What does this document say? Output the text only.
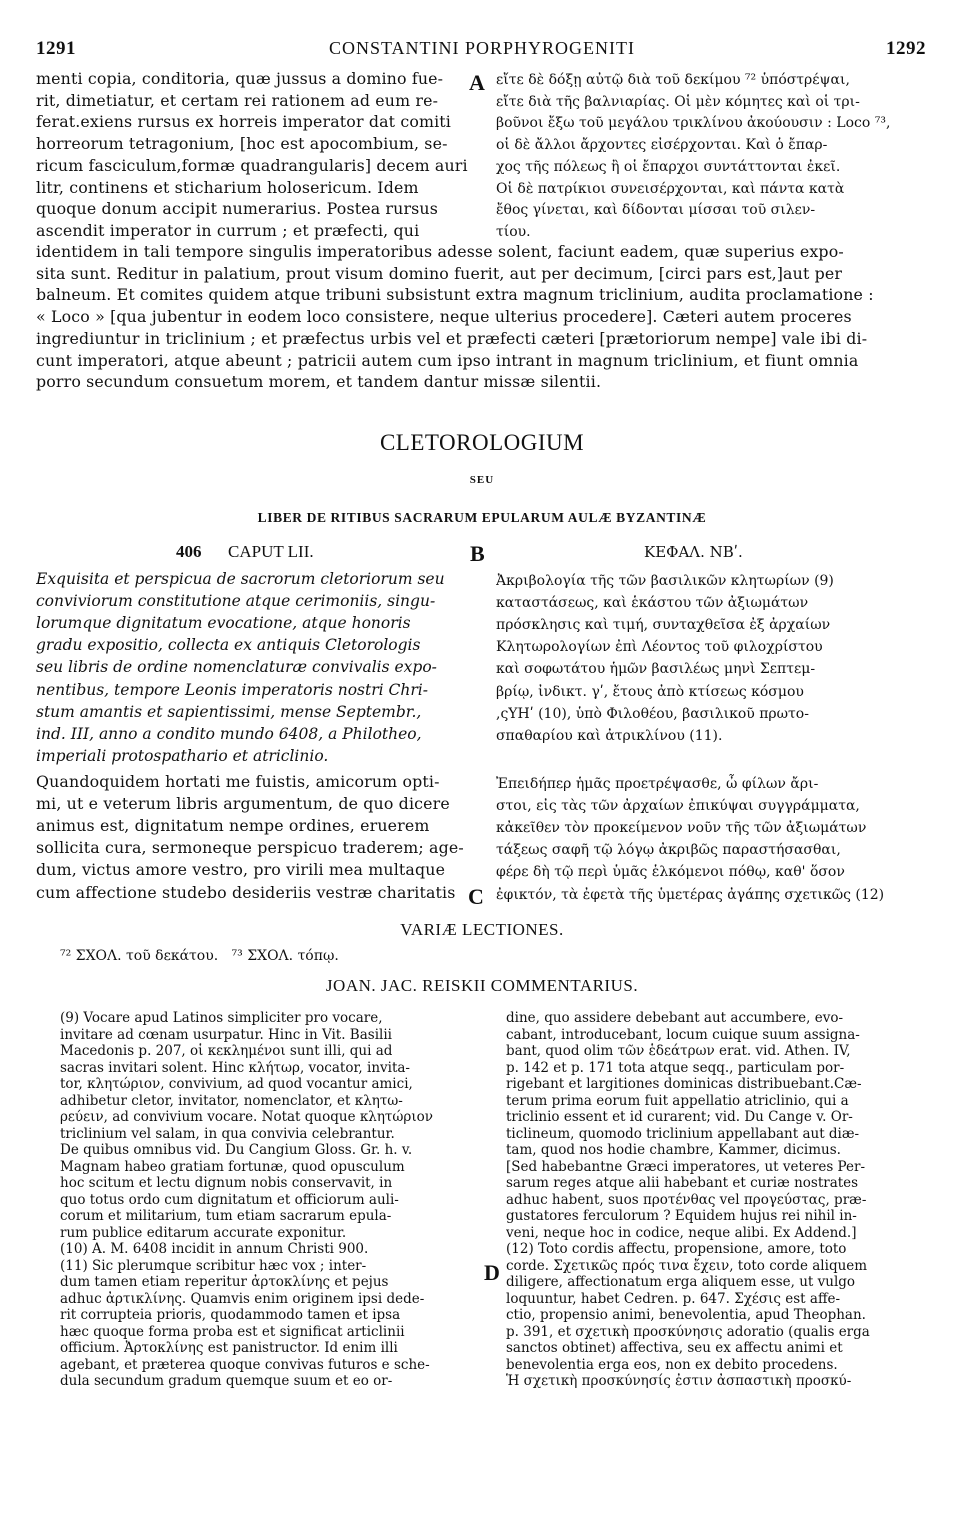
1291	CONSTANTINI PORPHYROGENITI	1292
menti copia, conditoria, quæ jussus a domino fue-
rit, dimetiatur, et certam rei rationem ad eum re-
ferat.exiens rursus ex horreis imperator dat comiti
horreorum tetragonium, [hoc est apocombium, se-
ricum fasciculum,formæ quadrangularis] decem auri
litr, continens et sticharium holosericum. Idem
quoque donum accipit numerarius. Postea rursus
ascendit imperator in currum ; et præfecti, qui
εἴτε δὲ δόξῃ αὐτῷ διὰ τοῦ δεκίμου ⁷² ὑπόστρέψαι,
εἴτε διὰ τῆς βαλνιαρίας. Οἱ μὲν κόμητες καὶ οἱ τρι-
βοῦνοι ἔξω τοῦ μεγάλου τρικλίνου ἀκούουσιν : Loco ⁷³,
οἱ δὲ ἄλλοι ἄρχοντες εἰσέρχονται. Καὶ ὁ ἔπαρ-
χος τῆς πόλεως ἢ οἱ ἔπαρχοι συντάττονται ἐκεῖ.
Οἱ δὲ πατρίκιοι συνεισέρχονται, καὶ πάντα κατὰ
ἔθος γίνεται, καὶ δίδονται μίσσαι τοῦ σιλεν-
τίου.
A
identidem in tali tempore singulis imperatoribus adesse solent, faciunt eadem, quæ superius expo-
sita sunt. Reditur in palatium, prout visum domino fuerit, aut per decimum, [circi pars est,]aut per
balneum. Et comites quidem atque tribuni subsistunt extra magnum triclinium, audita proclamatione :
« Loco » [qua jubentur in eodem loco consistere, neque ulterius procedere]. Cæteri autem proceres
ingrediuntur in triclinium ; et præfectus urbis vel et præfecti cæteri [prætoriorum nempe] vale ibi di-
cunt imperatori, atque abeunt ; patricii autem cum ipso intrant in magnum triclinium, et fiunt omnia
porro secundum consuetum morem, et tandem dantur missæ silentii.
CLETOROLOGIUM
SEU
LIBER DE RITIBUS SACRARUM EPULARUM AULÆ BYZANTINÆ
406 CAPUT LII.	B	ΚΕΦΑΛ. ΝΒʹ.
Exquisita et perspicua de sacrorum cletoriorum seu
conviviorum constitutione atque cerimoniis, singu-
lorumque dignitatum evocatione, atque honoris
gradu expositio, collecta ex antiquis Cletorologis
seu libris de ordine nomenclaturæ convivalis expo-
nentibus, tempore Leonis imperatoris nostri Chri-
stum amantis et sapientissimi, mense Septembr.,
ind. III, anno a condito mundo 6408, a Philotheo,
imperiali protospathario et atriclinio.
Ἀκριβολογία τῆς τῶν βασιλικῶν κλητωρίων (9)
καταστάσεως, καὶ ἑκάστου τῶν ἀξιωμάτων
πρόσκλησις καὶ τιμή, συνταχθεῖσα ἐξ ἀρχαίων
Κλητωρολογίων ἐπὶ Λέοντος τοῦ φιλοχρίστου
καὶ σοφωτάτου ἡμῶν βασιλέως μηνὶ Σεπτεμ-
βρίῳ, ἰνδικτ. γʹ, ἔτους ἀπὸ κτίσεως κόσμου
,ςΥΗʹ (10), ὑπὸ Φιλοθέου, βασιλικοῦ πρωτο-
σπαθαρίου καὶ ἀτρικλίνου (11).
Quandoquidem hortati me fuistis, amicorum opti-
mi, ut e veterum libris argumentum, de quo dicere
animus est, dignitatum nempe ordines, eruerem
sollicita cura, sermoneque perspicuo traderem; age-
dum, victus amore vestro, pro virili mea multaque
cum affectione studebo desideriis vestræ charitatis
Ἐπειδήπερ ἡμᾶς προετρέψασθε, ὦ φίλων ἄρι-
στοι, εἰς τὰς τῶν ἀρχαίων ἐπικύψαι συγγράμματα,
κἀκεῖθεν τὸν προκείμενον νοῦν τῆς τῶν ἀξιωμάτων
τάξεως σαφῆ τῷ λόγῳ ἀκριβῶς παραστήσασθαι,
φέρε δὴ τῷ περὶ ὑμᾶς ἑλκόμενοι πόθῳ, καθ' ὅσον
ἐφικτόν, τὰ ἐφετὰ τῆς ὑμετέρας ἀγάπης σχετικῶς (12)
C
VARIÆ LECTIONES.
⁷² ΣΧΟΛ. τοῦ δεκάτου.   ⁷³ ΣΧΟΛ. τόπῳ.
JOAN. JAC. REISKII COMMENTARIUS.
(9) Vocare apud Latinos simpliciter pro vocare,
invitare ad cœnam usurpatur. Hinc in Vit. Basilii
Macedonis p. 207, οἱ κεκλημένοι sunt illi, qui ad
sacras invitari solent. Hinc κλήτωρ, vocator, invita-
tor, κλητώριον, convivium, ad quod vocantur amici,
adhibetur cletor, invitator, nomenclator, et κλητω-
ρεύειν, ad convivium vocare. Notat quoque κλητώριον
triclinium vel salam, in qua convivia celebrantur.
De quibus omnibus vid. Du Cangium Gloss. Gr. h. v.
Magnam habeo gratiam fortunæ, quod opusculum
hoc scitum et lectu dignum nobis conservavit, in
quo totus ordo cum dignitatum et officiorum auli-
corum et militarium, tum etiam sacrarum epula-
rum publice editarum accurate exponitur.
(10) A. M. 6408 incidit in annum Christi 900.
(11) Sic plerumque scribitur hæc vox ; inter-
dum tamen etiam reperitur ἀρτοκλίνης et pejus
adhuc ἀρτικλίνης. Quamvis enim originem ipsi dede-
rit corrupteia prioris, quodammodo tamen et ipsa
hæc quoque forma proba est et significat articlinii
officium. Ἀρτοκλίνης est panistructor. Id enim illi
agebant, et præterea quoque convivas futuros e sche-
dula secundum gradum quemque suum et eo or-
dine, quo assidere debebant aut accumbere, evo-
cabant, introducebant, locum cuique suum assigna-
bant, quod olim τῶν ἑδεάτρων erat. vid. Athen. IV,
p. 142 et p. 171 tota atque seqq., particulam por-
rigebant et largitiones dominicas distribuebant.Cæ-
terum prima eorum fuit appellatio atriclinio, qui a
triclinio essent et id curarent; vid. Du Cange v. Or-
ticlineum, quomodo triclinium appellabant aut diæ-
tam, quod nos hodie chambre, Kammer, dicimus.
[Sed habebantne Græci imperatores, ut veteres Per-
sarum reges atque alii habebant et curiæ nostrates
adhuc habent, suos προτένθας vel προγεύστας, præ-
gustatores ferculorum ? Equidem hujus rei nihil in-
veni, neque hoc in codice, neque alibi. Ex Addend.]
(12) Toto cordis affectu, propensione, amore, toto
corde. Σχετικῶς πρός τινα ἔχειν, toto corde aliquem
diligere, affectionatum erga aliquem esse, ut vulgo
loquuntur, habet Cedren. p. 647. Σχέσις est affe-
ctio, propensio animi, benevolentia, apud Theophan.
p. 391, et σχετικὴ προσκύνησις adoratio (qualis erga
sanctos obtinet) affectiva, seu ex affectu animi et
benevolentia erga eos, non ex debito procedens.
Ἡ σχετικὴ προσκύνησίς ἐστιν ἀσπαστικὴ προσκύ-
D
